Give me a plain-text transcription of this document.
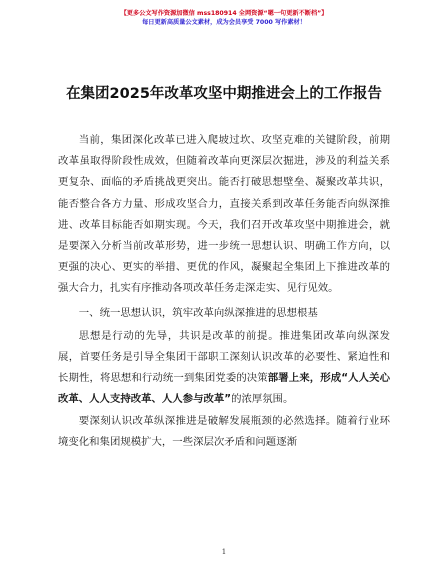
【更多公文写作资源加微信 mss180914 全网资源“嗯一句更新不断档”】
每日更新高质量公文素材，成为会员享受 7000 写作素材！
在集团2025年改革攻坚中期推进会上的工作报告

当前，集团深化改革已进入爬坡过坎、攻坚克难的关键阶段，前期改革虽取得阶段性成效，但随着改革向更深层次掘进，涉及的利益关系更复杂、面临的矛盾挑战更突出。能否打破思想壁垒、凝聚改革共识，能否整合各方力量、形成攻坚合力，直接关系到改革任务能否向纵深推进、改革目标能否如期实现。今天，我们召开改革攻坚中期推进会，就是要深入分析当前改革形势，进一步统一思想认识、明确工作方向，以更强的决心、更实的举措、更优的作风，凝聚起全集团上下推进改革的强大合力，扎实有序推动各项改革任务走深走实、见行见效。

一、统一思想认识，筑牢改革向纵深推进的思想根基

思想是行动的先导，共识是改革的前提。推进集团改革向纵深发展，首要任务是引导全集团干部职工深刻认识改革的必要性、紧迫性和长期性，将思想和行动统一到集团党委的决策部署上来，形成“人人关心改革、人人支持改革、人人参与改革”的浓厚氛围。

要深刻认识改革纵深推进是破解发展瓶颈的必然选择。随着行业环境变化和集团规模扩大，一些深层次矛盾和问题逐渐

1
